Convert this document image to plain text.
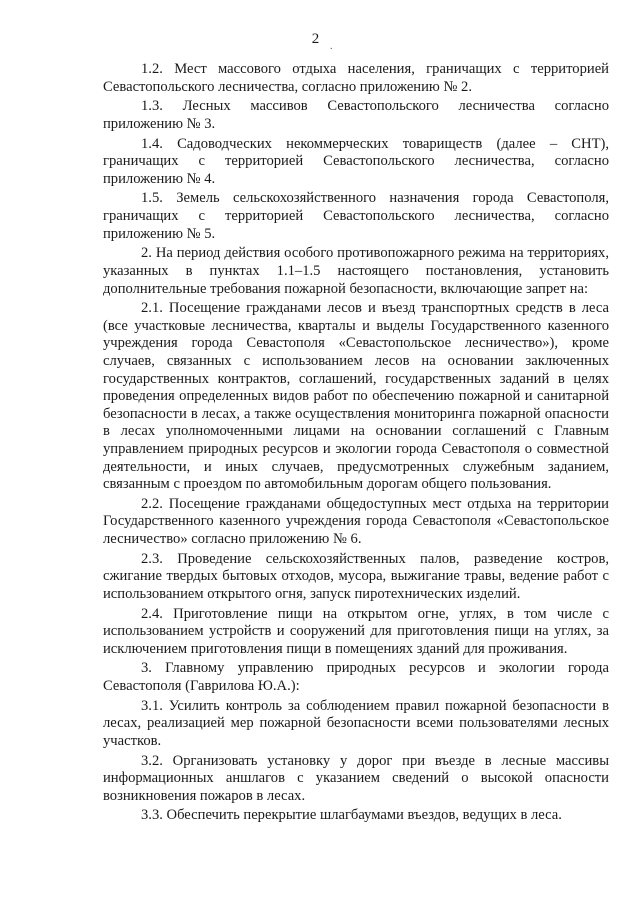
.
2

1.2. Мест массового отдыха населения, граничащих с территорией Севастопольского лесничества, согласно приложению № 2.

1.3. Лесных массивов Севастопольского лесничества согласно приложению № 3.

1.4. Садоводческих некоммерческих товариществ (далее – СНТ), граничащих с территорией Севастопольского лесничества, согласно приложению № 4.

1.5. Земель сельскохозяйственного назначения города Севастополя, граничащих с территорией Севастопольского лесничества, согласно приложению № 5.

2. На период действия особого противопожарного режима на территориях, указанных в пунктах 1.1–1.5 настоящего постановления, установить дополнительные требования пожарной безопасности, включающие запрет на:

2.1. Посещение гражданами лесов и въезд транспортных средств в леса (все участковые лесничества, кварталы и выделы Государственного казенного учреждения города Севастополя «Севастопольское лесничество»), кроме случаев, связанных с использованием лесов на основании заключенных государственных контрактов, соглашений, государственных заданий в целях проведения определенных видов работ по обеспечению пожарной и санитарной безопасности в лесах, а также осуществления мониторинга пожарной опасности в лесах уполномоченными лицами на основании соглашений с Главным управлением природных ресурсов и экологии города Севастополя о совместной деятельности, и иных случаев, предусмотренных служебным заданием, связанным с проездом по автомобильным дорогам общего пользования.

2.2. Посещение гражданами общедоступных мест отдыха на территории Государственного казенного учреждения города Севастополя «Севастопольское лесничество» согласно приложению № 6.

2.3. Проведение сельскохозяйственных палов, разведение костров, сжигание твердых бытовых отходов, мусора, выжигание травы, ведение работ с использованием открытого огня, запуск пиротехнических изделий.

2.4. Приготовление пищи на открытом огне, углях, в том числе с использованием устройств и сооружений для приготовления пищи на углях, за исключением приготовления пищи в помещениях зданий для проживания.

3. Главному управлению природных ресурсов и экологии города Севастополя (Гаврилова Ю.А.):

3.1. Усилить контроль за соблюдением правил пожарной безопасности в лесах, реализацией мер пожарной безопасности всеми пользователями лесных участков.

3.2. Организовать установку у дорог при въезде в лесные массивы информационных аншлагов с указанием сведений о высокой опасности возникновения пожаров в лесах.

3.3. Обеспечить перекрытие шлагбаумами въездов, ведущих в леса.
